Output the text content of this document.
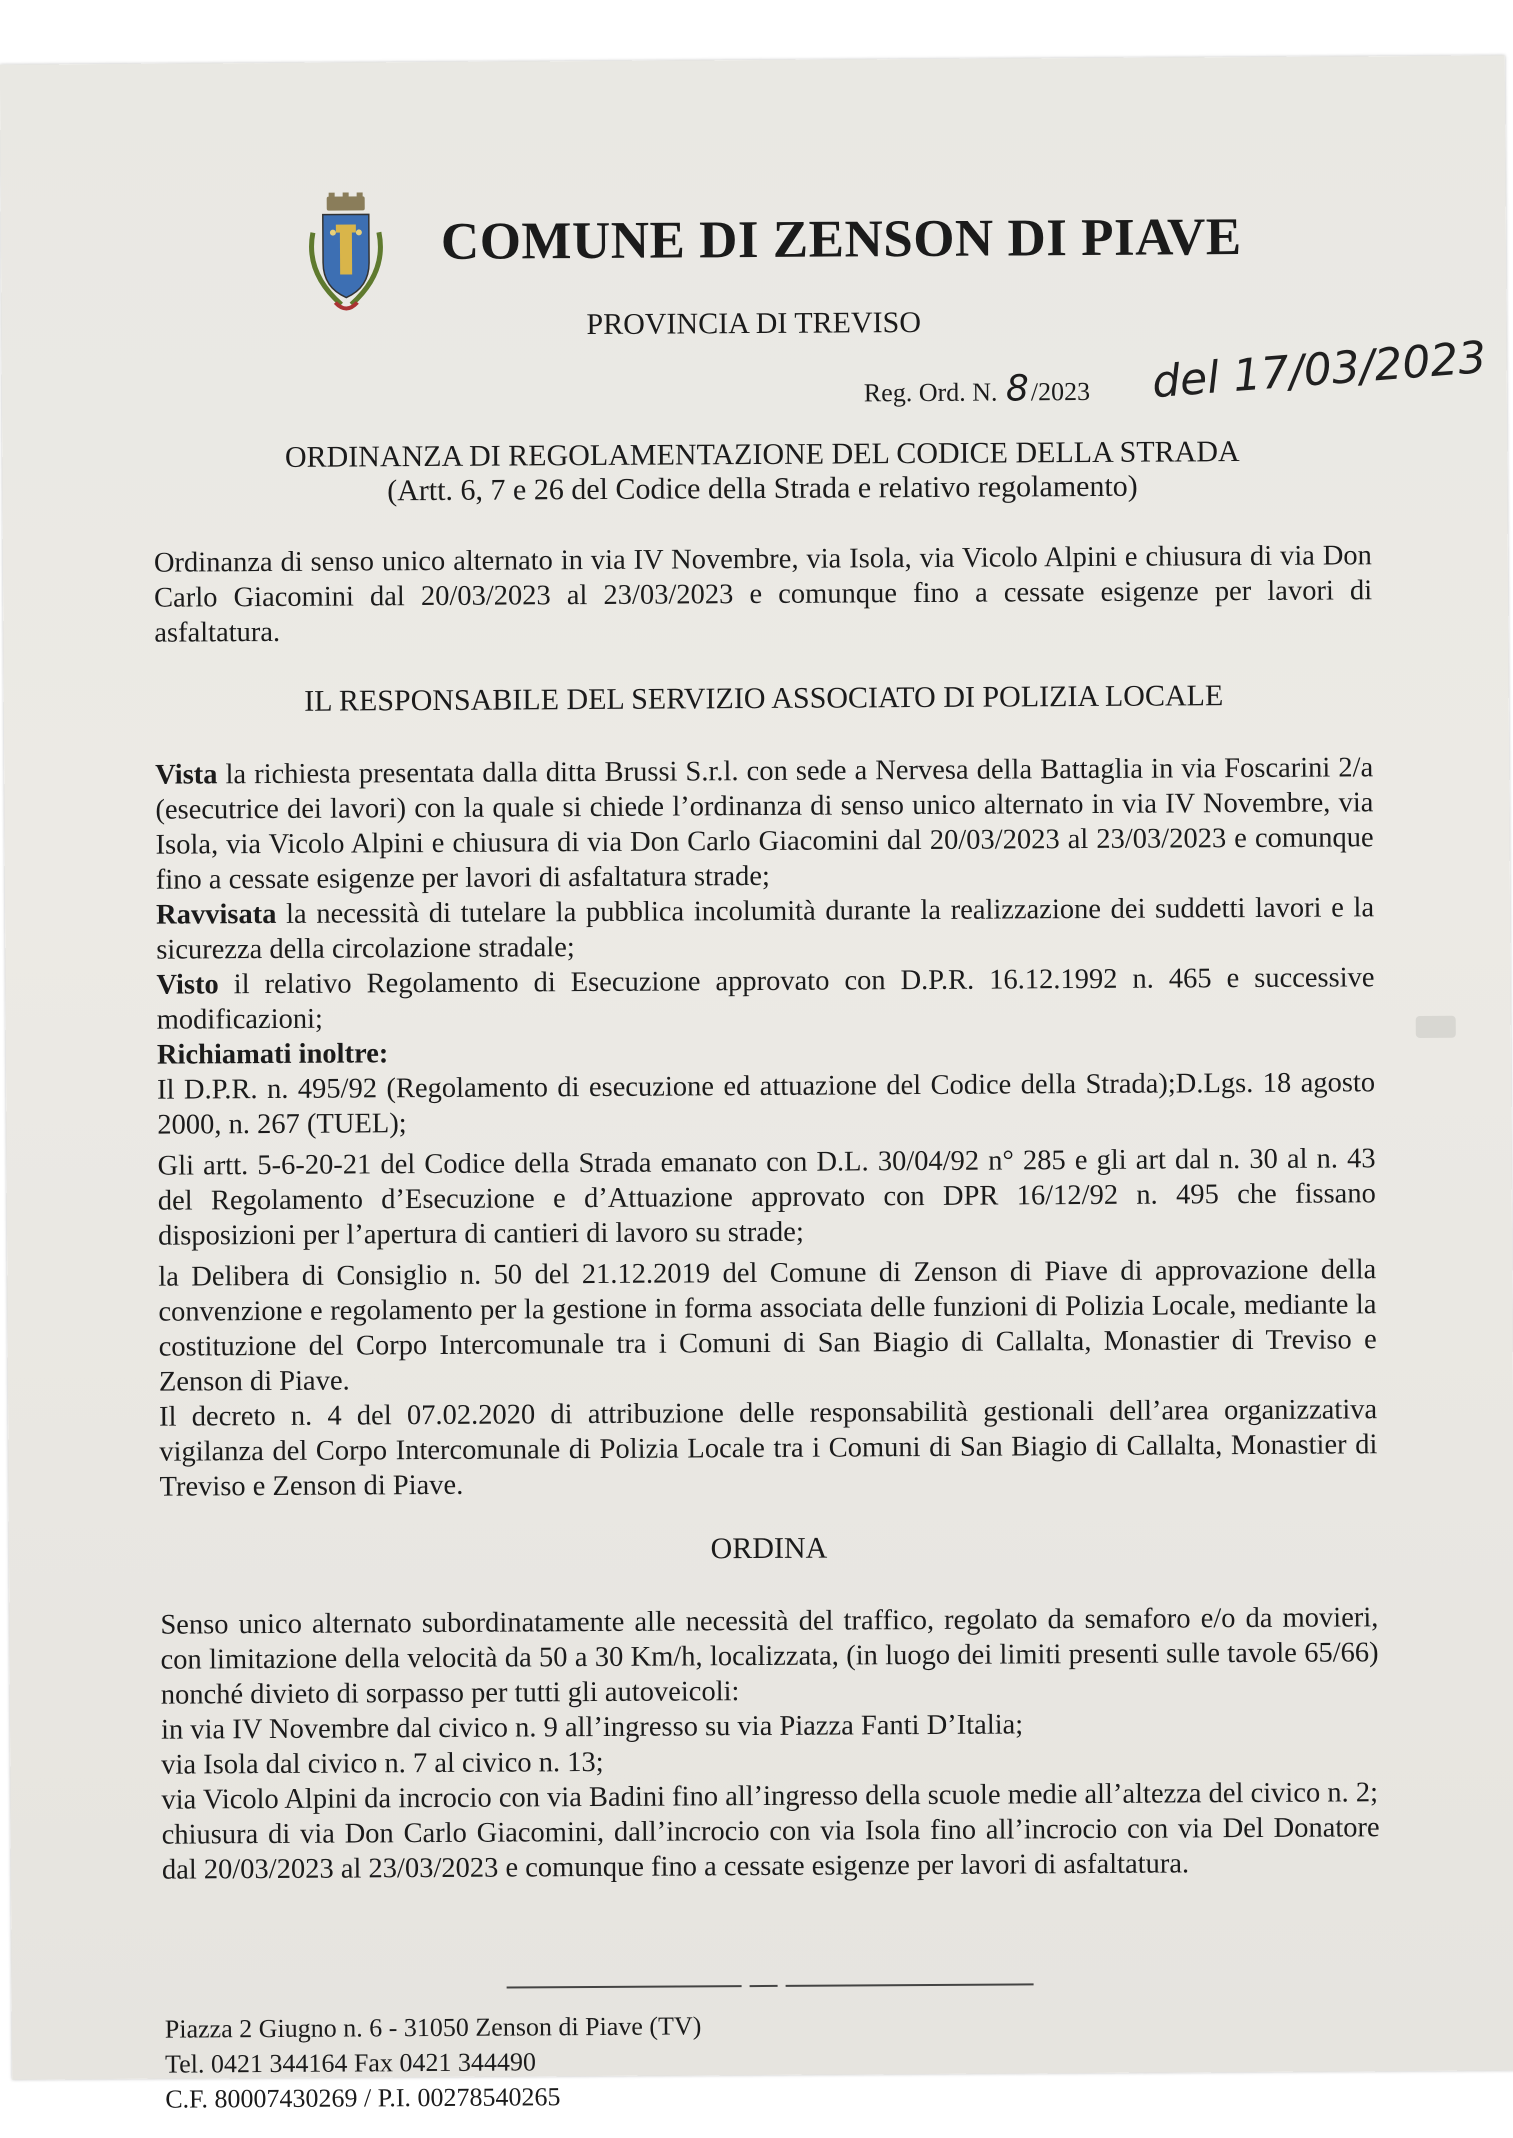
COMUNE DI ZENSON DI PIAVE
PROVINCIA DI TREVISO
Reg. Ord. N. 8/2023 del 17/03/2023
ORDINANZA DI REGOLAMENTAZIONE DEL CODICE DELLA STRADA
(Artt. 6, 7 e 26 del Codice della Strada e relativo regolamento)

Ordinanza di senso unico alternato in via IV Novembre, via Isola, via Vicolo Alpini e chiusura di via Don Carlo Giacomini dal 20/03/2023 al 23/03/2023 e comunque fino a cessate esigenze per lavori di asfaltatura.

IL RESPONSABILE DEL SERVIZIO ASSOCIATO DI POLIZIA LOCALE

Vista la richiesta presentata dalla ditta Brussi S.r.l. con sede a Nervesa della Battaglia in via Foscarini 2/a (esecutrice dei lavori) con la quale si chiede l’ordinanza di senso unico alternato in via IV Novembre, via Isola, via Vicolo Alpini e chiusura di via Don Carlo Giacomini dal 20/03/2023 al 23/03/2023 e comunque fino a cessate esigenze per lavori di asfaltatura strade;

Ravvisata la necessità di tutelare la pubblica incolumità durante la realizzazione dei suddetti lavori e la sicurezza della circolazione stradale;

Visto il relativo Regolamento di Esecuzione approvato con D.P.R. 16.12.1992 n. 465 e successive modificazioni;

Richiamati inoltre:

Il D.P.R. n. 495/92 (Regolamento di esecuzione ed attuazione del Codice della Strada);D.Lgs. 18 agosto 2000, n. 267 (TUEL);

Gli artt. 5-6-20-21 del Codice della Strada emanato con D.L. 30/04/92 n° 285 e gli art dal n. 30 al n. 43 del Regolamento d’Esecuzione e d’Attuazione approvato con DPR 16/12/92 n. 495 che fissano disposizioni per l’apertura di cantieri di lavoro su strade;

la Delibera di Consiglio n. 50 del 21.12.2019 del Comune di Zenson di Piave di approvazione della convenzione e regolamento per la gestione in forma associata delle funzioni di Polizia Locale, mediante la costituzione del Corpo Intercomunale tra i Comuni di San Biagio di Callalta, Monastier di Treviso e Zenson di Piave.

Il decreto n. 4 del 07.02.2020 di attribuzione delle responsabilità gestionali dell’area organizzativa vigilanza del Corpo Intercomunale di Polizia Locale tra i Comuni di San Biagio di Callalta, Monastier di Treviso e Zenson di Piave.

ORDINA

Senso unico alternato subordinatamente alle necessità del traffico, regolato da semaforo e/o da movieri, con limitazione della velocità da 50 a 30 Km/h, localizzata, (in luogo dei limiti presenti sulle tavole 65/66) nonché divieto di sorpasso per tutti gli autoveicoli:

in via IV Novembre dal civico n. 9 all’ingresso su via Piazza Fanti D’Italia;

via Isola dal civico n. 7 al civico n. 13;

via Vicolo Alpini da incrocio con via Badini fino all’ingresso della scuole medie all’altezza del civico n. 2;

chiusura di via Don Carlo Giacomini, dall’incrocio con via Isola fino all’incrocio con via Del Donatore dal 20/03/2023 al 23/03/2023 e comunque fino a cessate esigenze per lavori di asfaltatura.

Piazza 2 Giugno n. 6 - 31050 Zenson di Piave (TV)
Tel. 0421 344164 Fax 0421 344490
C.F. 80007430269 / P.I. 00278540265
